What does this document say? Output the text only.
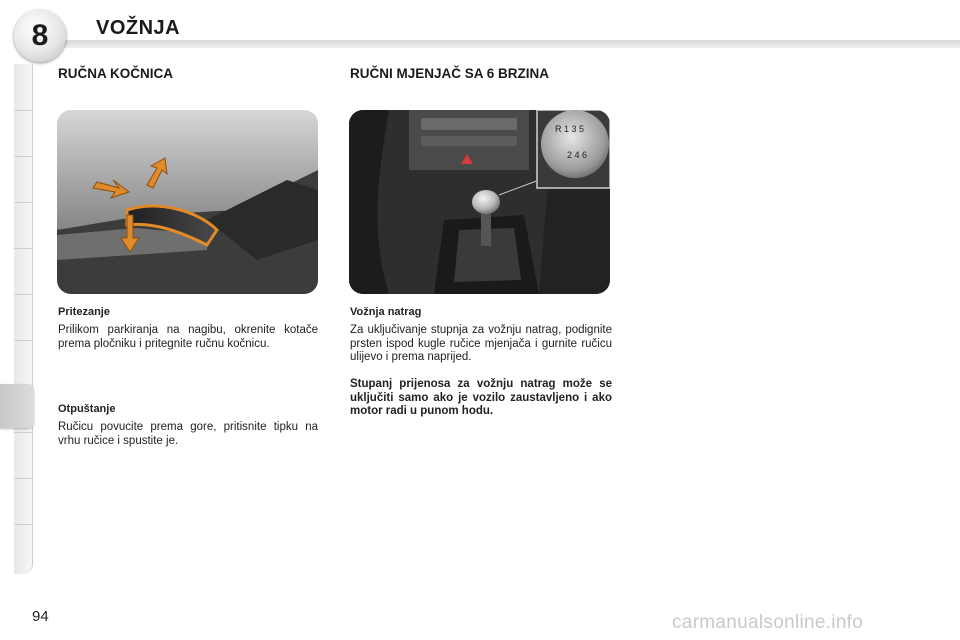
8	VOŽNJA
RUČNA KOČNICA
Pritezanje

Prilikom parkiranja na nagibu, okrenite kotače prema pločniku i pritegnite ručnu kočnicu.

Otpuštanje

Ručicu povucite prema gore, pritisnite tipku na vrhu ručice i spustite je.

RUČNI MJENJAČ SA 6 BRZINA
R 1 3 5
2 4 6
Vožnja natrag

Za uključivanje stupnja za vožnju natrag, podignite prsten ispod kugle ručice mjenjača i gurnite ručicu ulijevo i prema naprijed.

Stupanj prijenosa za vožnju natrag može se uključiti samo ako je vozilo zaustavljeno i ako motor radi u punom hodu.

94	carmanualsonline.info
